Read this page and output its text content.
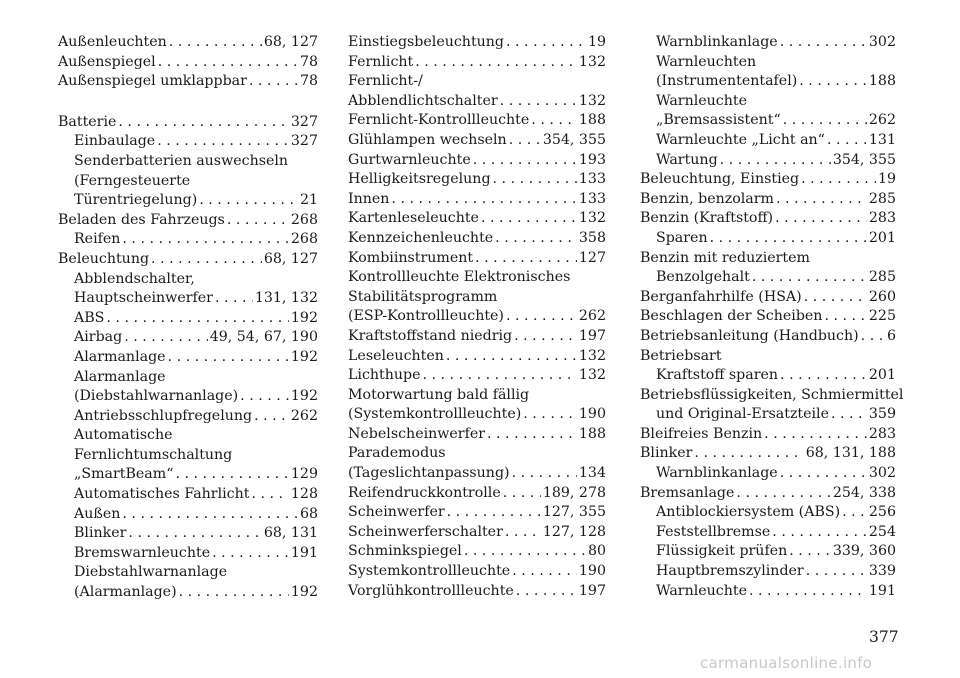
Außenleuchten . . .	68, 127
Außenspiegel . . .	78
Außenspiegel umklappbar . . .	78
Batterie . . .	327
Einbaulage . . .	327
Senderbatterien auswechseln
(Ferngesteuerte
Türentriegelung) . . .	21
Beladen des Fahrzeugs . . .	268
Reifen . . .	268
Beleuchtung . . .	68, 127
Abblendschalter,
Hauptscheinwerfer . . .	131, 132
ABS . . .	192
Airbag . . .	49, 54, 67, 190
Alarmanlage . . .	192
Alarmanlage
(Diebstahlwarnanlage) . . .	192
Antriebsschlupfregelung . . .	262
Automatische
Fernlichtumschaltung
„SmartBeam“ . . .	129
Automatisches Fahrlicht . . .	128
Außen . . .	68
Blinker . . .	68, 131
Bremswarnleuchte . . .	191
Diebstahlwarnanlage
(Alarmanlage) . . .	192
Einstiegsbeleuchtung . . .	19
Fernlicht . . .	132
Fernlicht-/
Abblendlichtschalter . . .	132
Fernlicht-Kontrollleuchte . . .	188
Glühlampen wechseln . . .	354, 355
Gurtwarnleuchte . . .	193
Helligkeitsregelung . . .	133
Innen . . .	133
Kartenleseleuchte . . .	132
Kennzeichenleuchte . . .	358
Kombiinstrument . . .	127
Kontrollleuchte Elektronisches
Stabilitätsprogramm
(ESP-Kontrollleuchte) . . .	262
Kraftstoffstand niedrig . . .	197
Leseleuchten . . .	132
Lichthupe . . .	132
Motorwartung bald fällig
(Systemkontrollleuchte) . . .	190
Nebelscheinwerfer . . .	188
Parademodus
(Tageslichtanpassung) . . .	134
Reifendruckkontrolle . . .	189, 278
Scheinwerfer . . .	127, 355
Scheinwerferschalter . . .	127, 128
Schminkspiegel . . .	80
Systemkontrollleuchte . . .	190
Vorglühkontrollleuchte . . .	197
Warnblinkanlage . . .	302
Warnleuchten
(Instrumententafel) . . .	188
Warnleuchte
„Bremsassistent“ . . .	262
Warnleuchte „Licht an“ . . .	131
Wartung . . .	354, 355
Beleuchtung, Einstieg . . .	19
Benzin, benzolarm . . .	285
Benzin (Kraftstoff) . . .	283
Sparen . . .	201
Benzin mit reduziertem
Benzolgehalt . . .	285
Berganfahrhilfe (HSA) . . .	260
Beschlagen der Scheiben . . .	225
Betriebsanleitung (Handbuch) . . . 6
Betriebsart
Kraftstoff sparen . . .	201
Betriebsflüssigkeiten, Schmiermittel
und Original-Ersatzteile . . .	359
Bleifreies Benzin . . .	283
Blinker . . .	68, 131, 188
Warnblinkanlage . . .	302
Bremsanlage . . .	254, 338
Antiblockiersystem (ABS) . . . 256
Feststellbremse . . .	254
Flüssigkeit prüfen . . .	339, 360
Hauptbremszylinder . . .	339
Warnleuchte . . .	191
377
carmanualsonline.info
